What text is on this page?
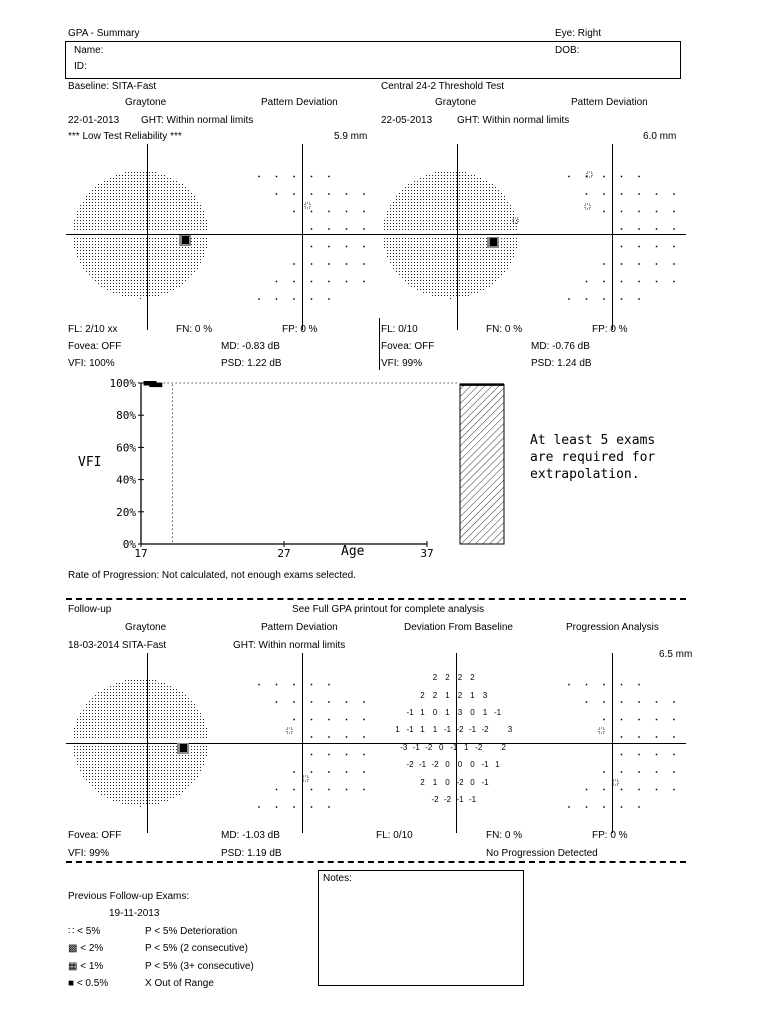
GPA - Summary	Eye: Right
Name:	DOB:
ID:
Baseline: SITA-Fast	Central 24-2 Threshold Test
Graytone	Pattern Deviation
22-01-2013 GHT: Within normal limits
*** Low Test Reliability ***	5.9 mm
Graytone	Pattern Deviation
22-05-2013 GHT: Within normal limits
6.0 mm
FL: 2/10 xx	FN: 0 %	FP: 0 %
Fovea: OFF	MD: -0.83 dB
VFI: 100%	PSD: 1.22 dB
FL: 0/10	FN: 0 %	FP: 0 %
Fovea: OFF	MD: -0.76 dB
VFI: 99%	PSD: 1.24 dB
0%
20%
40%
60%
80%
100%
17	27	37
VFI
Age
At least 5 exams
are required for
extrapolation.
Rate of Progression: Not calculated, not enough exams selected.
Follow-up	See Full GPA printout for complete analysis
Graytone	Pattern Deviation	Deviation From Baseline	Progression Analysis
18-03-2014 SITA-Fast	GHT: Within normal limits
6.5 mm
2 2 2 2
2 2 1 2 1 3
-1 1 0 1 3 0 1 -1
1 -1 1 1 -1 -2 -1 -2 3
-3 -1 -2 0 -1 1 -2 2
-2 -1 -2 0 0 0 -1 1
2 1 0 -2 0 -1
-2 -2 -1 -1
Fovea: OFF	MD: -1.03 dB	FL: 0/10	FN: 0 %	FP: 0 %
VFI: 99%	PSD: 1.19 dB	No Progression Detected
Previous Follow-up Exams:
19-11-2013
∷ < 5%	P < 5% Deterioration
▩ < 2%	P < 5% (2 consecutive)
▦ < 1%	P < 5% (3+ consecutive)
■ < 0.5%	X Out of Range
Notes:
